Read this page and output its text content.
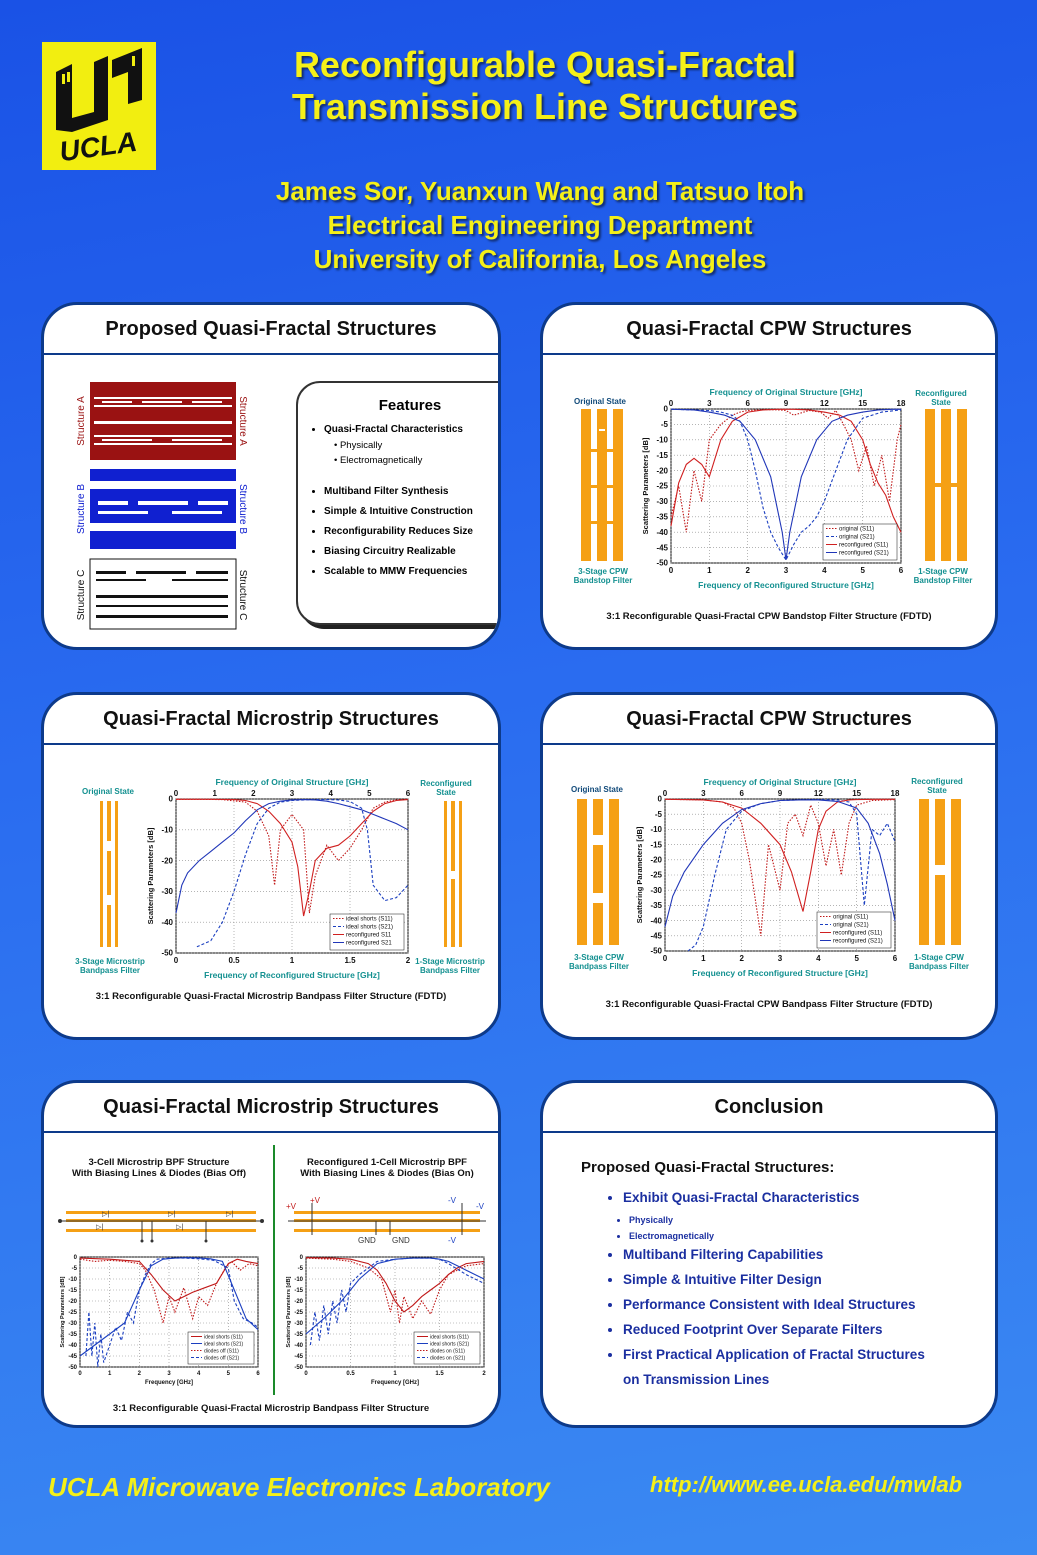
UCLA
Reconfigurable Quasi-Fractal
Transmission Line Structures
James Sor, Yuanxun Wang and Tatsuo Itoh
Electrical Engineering Department
University of California, Los Angeles
Proposed Quasi-Fractal Structures
Structure A	Structure A
Structure B	Structure B
Structure C	Structure C
Features
• Quasi-Fractal Characteristics
• Physically
• Electromagnetically
• Multiband Filter Synthesis
• Simple & Intuitive Construction
• Reconfigurability Reduces Size
• Biasing Circuitry Realizable
• Scalable to MMW Frequencies
Quasi-Fractal CPW Structures
Original State
Reconfigured State
3-Stage CPW Bandstop Filter
1-Stage CPW Bandstop Filter
0	1	2	3	4	5	6
0	3	6	9	12	15	18
Frequency of Original Structure [GHz]
0
-5
-10
-15
-20
-25
-30
-35
-40
-45
-50
Frequency of Reconfigured Structure [GHz]
Scattering Parameters [dB]	original (S11)
original (S21)
reconfigured (S11)
reconfigured (S21)
3:1 Reconfigurable Quasi-Fractal CPW Bandstop Filter Structure (FDTD)
Quasi-Fractal Microstrip Structures
Original State
Reconfigured State
3-Stage Microstrip Bandpass Filter
1-Stage Microstrip Bandpass Filter
0	0.5	1	1.5	2
0	1	2	3	4	5	6
Frequency of Original Structure [GHz]
0
-10
-20
-30
-40
-50
Frequency of Reconfigured Structure [GHz]
Scattering Parameters [dB]	ideal shorts (S11)
ideal shorts (S21)
reconfigured S11
reconfigured S21
3:1 Reconfigurable Quasi-Fractal Microstrip Bandpass Filter Structure (FDTD)
Quasi-Fractal CPW Structures
Original State
Reconfigured State
3-Stage CPW Bandpass Filter
1-Stage CPW Bandpass Filter
0	1	2	3	4	5	6
0	3	6	9	12	15	18
Frequency of Original Structure [GHz]
0
-5
-10
-15
-20
-25
-30
-35
-40
-45
-50
Frequency of Reconfigured Structure [GHz]
Scattering Parameters [dB]	original (S11)
original (S21)
reconfigured (S11)
reconfigured (S21)
3:1 Reconfigurable Quasi-Fractal CPW Bandpass Filter Structure (FDTD)
Quasi-Fractal Microstrip Structures
3-Cell Microstrip BPF Structure
With Biasing Lines & Diodes (Bias Off)
Reconfigured 1-Cell Microstrip BPF
With Biasing Lines & Diodes (Bias On)
▷|	▷|	▷|
▷|	▷|
+V
+V
GND GND
-V
-V
-V
0	1	2	3	4	5	6
0
-5
-10
-15
-20
-25
-30
-35
-40
-45
-50
Frequency [GHz]
Scattering Parameters [dB]	ideal shorts (S11)
ideal shorts (S21)
diodes off (S11)
diodes off (S21)
0	0.5	1	1.5	2
0
-5
-10
-15
-20
-25
-30
-35
-40
-45
-50
Frequency [GHz]
Scattering Parameters [dB]	ideal shorts (S11)
ideal shorts (S21)
diodes on (S11)
diodes on (S21)
3:1 Reconfigurable Quasi-Fractal Microstrip Bandpass Filter Structure
Conclusion
Proposed Quasi-Fractal Structures:
• Exhibit Quasi-Fractal Characteristics
• Physically
• Electromagnetically
• Multiband Filtering Capabilities
• Simple & Intuitive Filter Design
• Performance Consistent with Ideal Structures
• Reduced Footprint Over Separate Filters
• First Practical Application of Fractal Structures
on Transmission Lines
UCLA Microwave Electronics Laboratory	http://www.ee.ucla.edu/mwlab
